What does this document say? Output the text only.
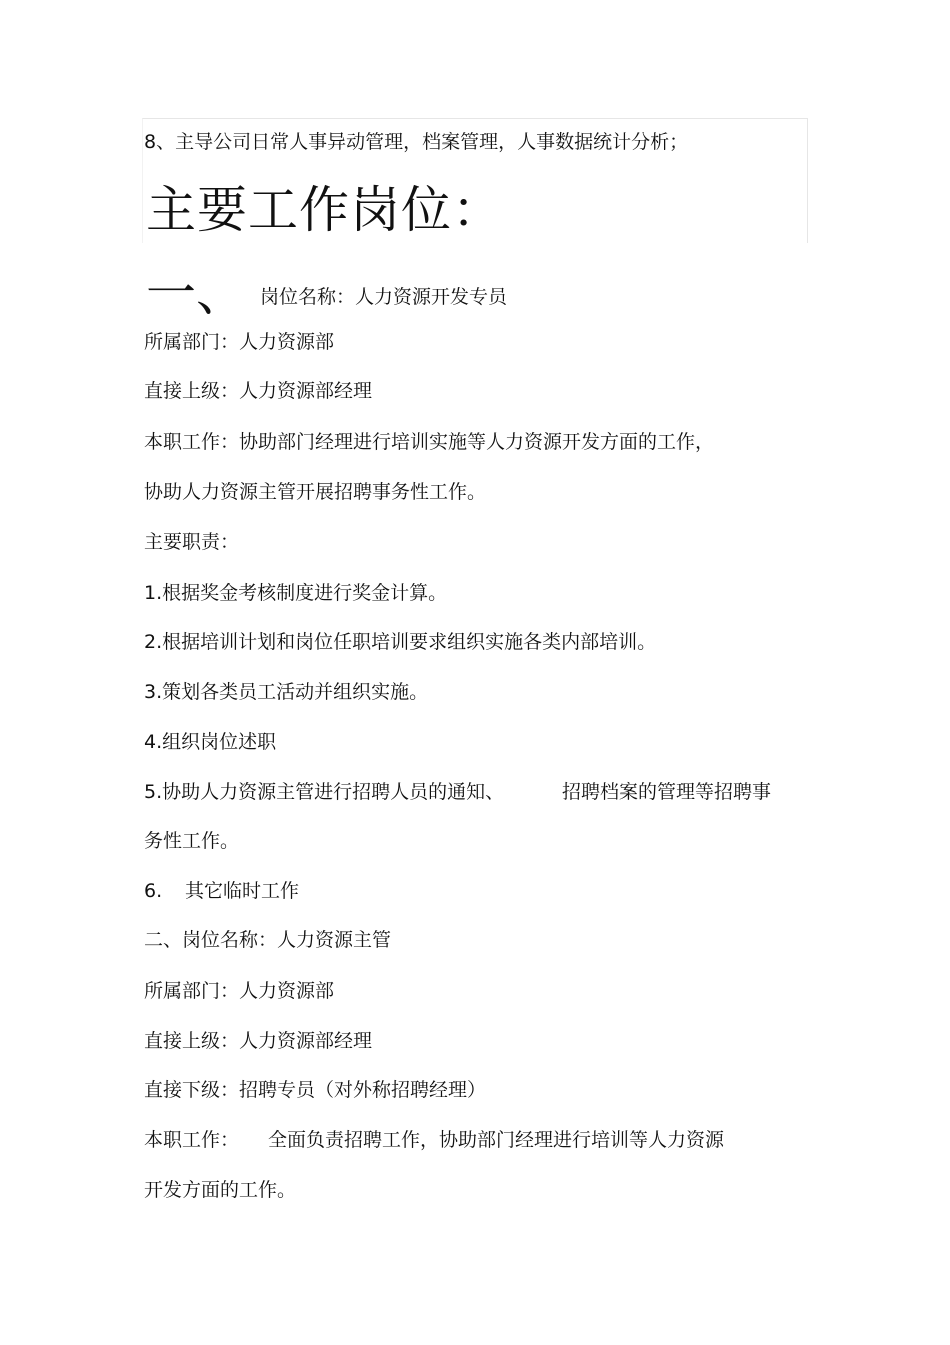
8、主导公司日常人事异动管理，档案管理，人事数据统计分析；
主要工作岗位：
一、 岗位名称：人力资源开发专员
所属部门：人力资源部
直接上级：人力资源部经理
本职工作：协助部门经理进行培训实施等人力资源开发方面的工作，
协助人力资源主管开展招聘事务性工作。
主要职责：
1.根据奖金考核制度进行奖金计算。
2.根据培训计划和岗位任职培训要求组织实施各类内部培训。
3.策划各类员工活动并组织实施。
4.组织岗位述职
5.协助人力资源主管进行招聘人员的通知、	招聘档案的管理等招聘事
务性工作。
6. 其它临时工作
二、岗位名称：人力资源主管
所属部门：人力资源部
直接上级：人力资源部经理
直接下级：招聘专员（对外称招聘经理）
本职工作： 全面负责招聘工作，协助部门经理进行培训等人力资源
开发方面的工作。
